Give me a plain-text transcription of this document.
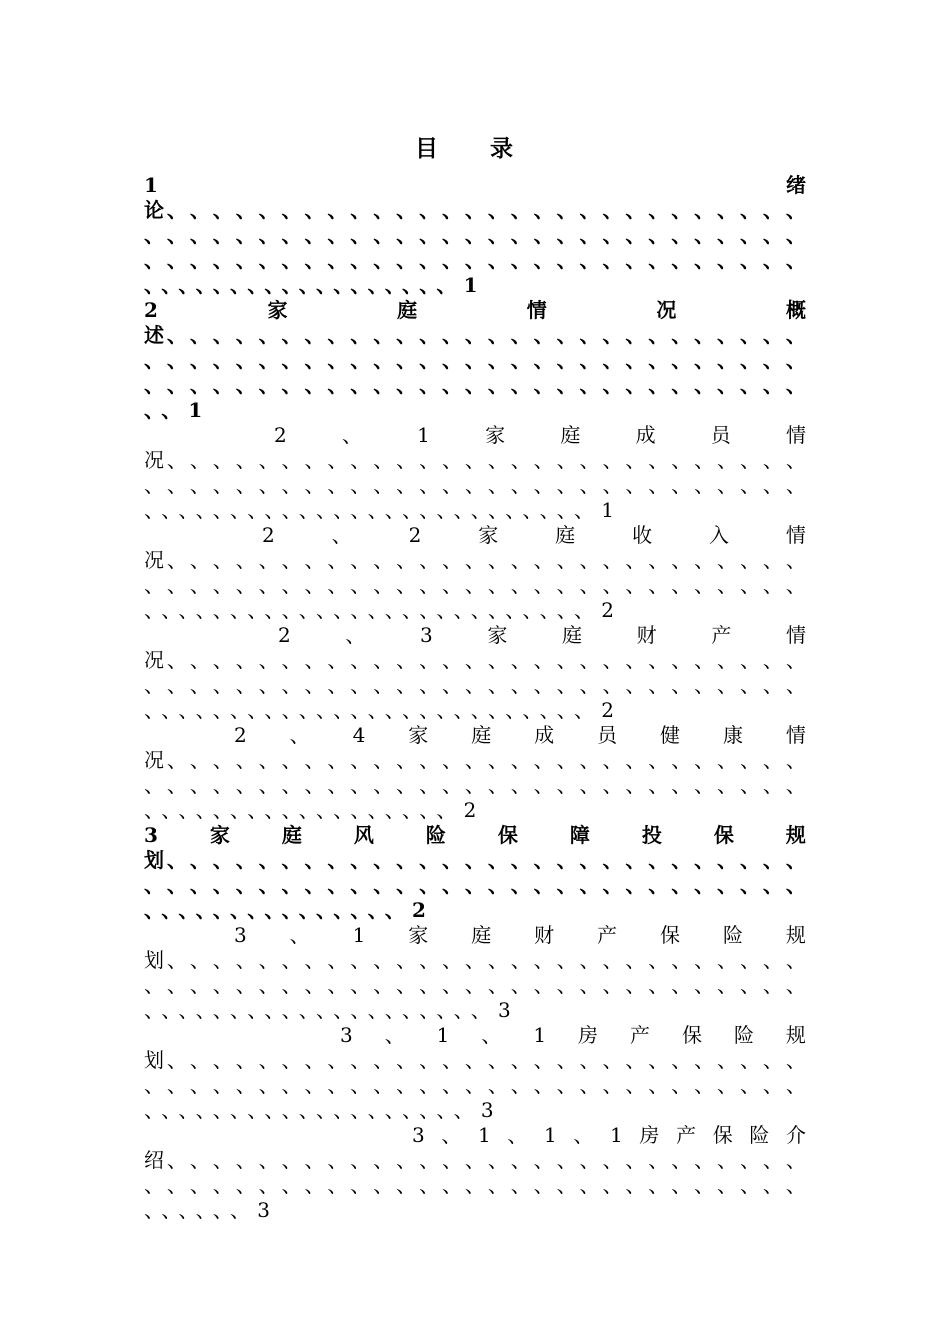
目 录
1	绪
论 、 、 、 、 、 、 、 、 、 、 、 、 、 、 、 、 、 、 、 、 、 、 、 、 、 、 、 、
、 、 、 、 、 、 、 、 、 、 、 、 、 、 、 、 、 、 、 、 、 、 、 、 、 、 、 、 、
、 、 、 、 、 、 、 、 、 、 、 、 、 、 、 、 、 、 、 、 、 、 、 、 、 、 、 、 、
、、、、、、、、、、、、、、、、、、 1
2	家	庭	情	况	概
述 、 、 、 、 、 、 、 、 、 、 、 、 、 、 、 、 、 、 、 、 、 、 、 、 、 、 、 、
、 、 、 、 、 、 、 、 、 、 、 、 、 、 、 、 、 、 、 、 、 、 、 、 、 、 、 、 、
、 、 、 、 、 、 、 、 、 、 、 、 、 、 、 、 、 、 、 、 、 、 、 、 、 、 、 、 、
、、 1
2	、	1	家	庭	成	员	情
况 、 、 、 、 、 、 、 、 、 、 、 、 、 、 、 、 、 、 、 、 、 、 、 、 、 、 、 、
、 、 、 、 、 、 、 、 、 、 、 、 、 、 、 、 、 、 、 、 、 、 、 、 、 、 、 、 、
、、、、、、、、、、、、、、、、、、、、、、、、、、 1
2	、	2	家	庭	收	入	情
况 、 、 、 、 、 、 、 、 、 、 、 、 、 、 、 、 、 、 、 、 、 、 、 、 、 、 、 、
、 、 、 、 、 、 、 、 、 、 、 、 、 、 、 、 、 、 、 、 、 、 、 、 、 、 、 、 、
、、、、、、、、、、、、、、、、、、、、、、、、、、 2
2	、	3	家	庭	财	产	情
况 、 、 、 、 、 、 、 、 、 、 、 、 、 、 、 、 、 、 、 、 、 、 、 、 、 、 、 、
、 、 、 、 、 、 、 、 、 、 、 、 、 、 、 、 、 、 、 、 、 、 、 、 、 、 、 、 、
、、、、、、、、、、、、、、、、、、、、、、、、、、 2
2 、 4 家 庭 成 员 健 康 情
况 、 、 、 、 、 、 、 、 、 、 、 、 、 、 、 、 、 、 、 、 、 、 、 、 、 、 、 、
、 、 、 、 、 、 、 、 、 、 、 、 、 、 、 、 、 、 、 、 、 、 、 、 、 、 、 、 、
、、、、、、、、、、、、、、、、、、 2
3	家	庭	风	险	保	障	投	保	规
划 、 、 、 、 、 、 、 、 、 、 、 、 、 、 、 、 、 、 、 、 、 、 、 、 、 、 、 、
、 、 、 、 、 、 、 、 、 、 、 、 、 、 、 、 、 、 、 、 、 、 、 、 、 、 、 、 、
、、、、、、、、、、、、、、、 2
3 、 1 家 庭 财 产 保 险 规
划 、 、 、 、 、 、 、 、 、 、 、 、 、 、 、 、 、 、 、 、 、 、 、 、 、 、 、 、
、 、 、 、 、 、 、 、 、 、 、 、 、 、 、 、 、 、 、 、 、 、 、 、 、 、 、 、 、
、、、、、、、、、、、、、、、、、、、、 3
3 、 1 、 1 房 产 保 险 规
划 、 、 、 、 、 、 、 、 、 、 、 、 、 、 、 、 、 、 、 、 、 、 、 、 、 、 、 、
、 、 、 、 、 、 、 、 、 、 、 、 、 、 、 、 、 、 、 、 、 、 、 、 、 、 、 、 、
、、、、、、、、、、、、、、、、、、、 3
3 、 1 、 1 、 1 房 产 保 险 介
绍 、 、 、 、 、 、 、 、 、 、 、 、 、 、 、 、 、 、 、 、 、 、 、 、 、 、 、 、
、 、 、 、 、 、 、 、 、 、 、 、 、 、 、 、 、 、 、 、 、 、 、 、 、 、 、 、 、
、、、、、、 3
